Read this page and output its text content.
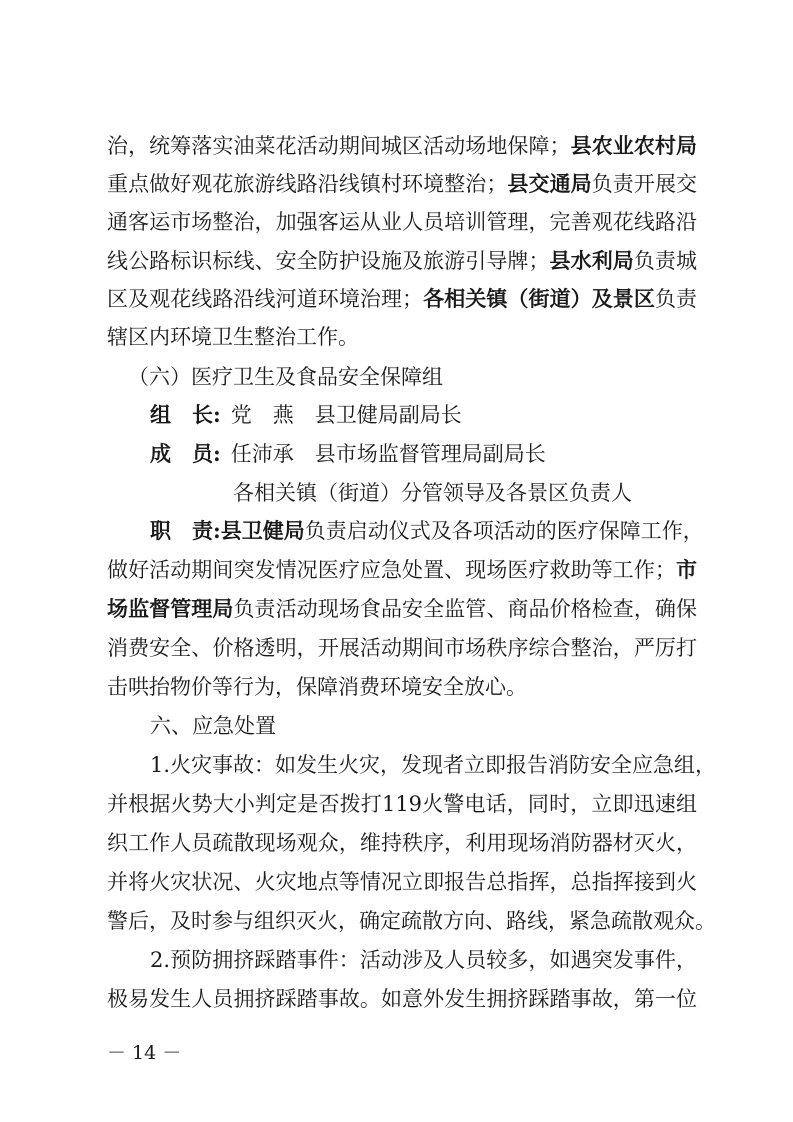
治，统筹落实油菜花活动期间城区活动场地保障；县农业农村局
重点做好观花旅游线路沿线镇村环境整治；县交通局负责开展交
通客运市场整治，加强客运从业人员培训管理，完善观花线路沿
线公路标识标线、安全防护设施及旅游引导牌；县水利局负责城
区及观花线路沿线河道环境治理；各相关镇（街道）及景区负责
辖区内环境卫生整治工作。
（六）医疗卫生及食品安全保障组
组 长: 党 燕 县卫健局副局长
成 员: 任沛承 县市场监督管理局副局长
各相关镇（街道）分管领导及各景区负责人
职 责:县卫健局负责启动仪式及各项活动的医疗保障工作，
做好活动期间突发情况医疗应急处置、现场医疗救助等工作；市
场监督管理局负责活动现场食品安全监管、商品价格检查，确保
消费安全、价格透明，开展活动期间市场秩序综合整治，严厉打
击哄抬物价等行为，保障消费环境安全放心。
六、应急处置
1.火灾事故：如发生火灾，发现者立即报告消防安全应急组，
并根据火势大小判定是否拨打119火警电话，同时，立即迅速组
织工作人员疏散现场观众，维持秩序，利用现场消防器材灭火，
并将火灾状况、火灾地点等情况立即报告总指挥，总指挥接到火
警后，及时参与组织灭火，确定疏散方向、路线，紧急疏散观众。
2.预防拥挤踩踏事件：活动涉及人员较多，如遇突发事件，
极易发生人员拥挤踩踏事故。如意外发生拥挤踩踏事故，第一位
－ 14 －
